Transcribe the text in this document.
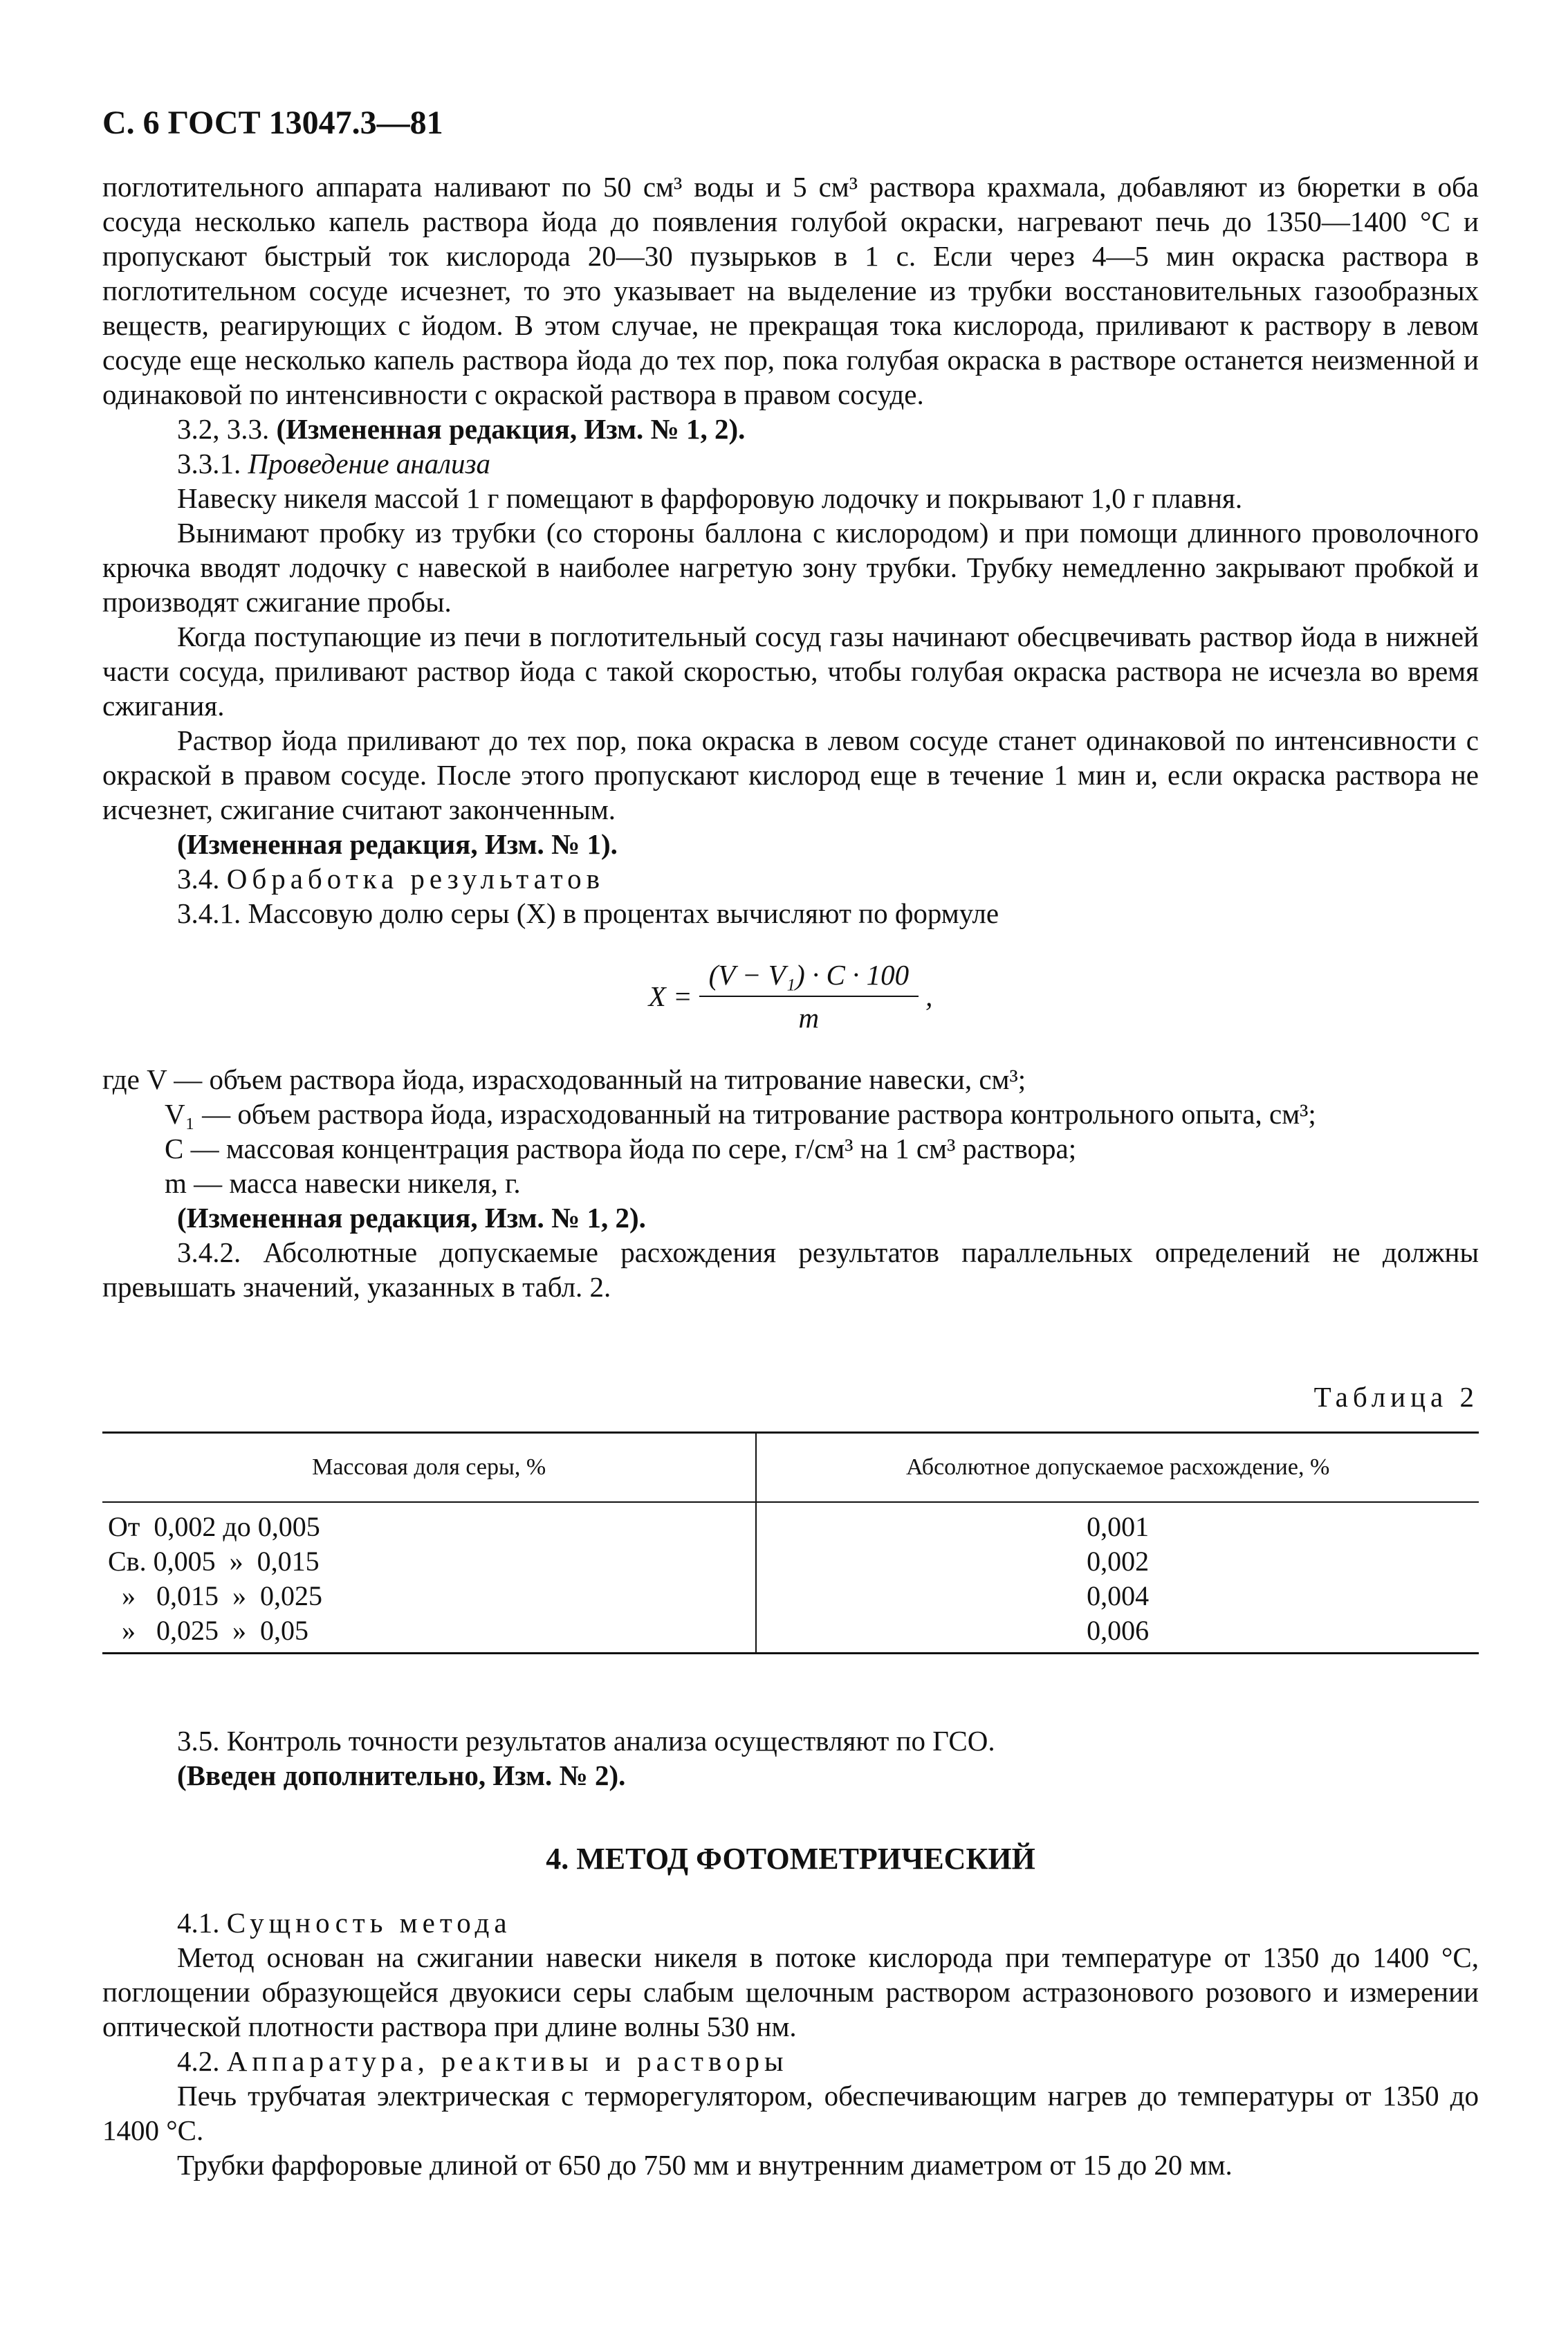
С. 6 ГОСТ 13047.3—81

поглотительного аппарата наливают по 50 см³ воды и 5 см³ раствора крахмала, добавляют из бюретки в оба сосуда несколько капель раствора йода до появления голубой окраски, нагревают печь до 1350—1400 °С и пропускают быстрый ток кислорода 20—30 пузырьков в 1 с. Если через 4—5 мин окраска раствора в поглотительном сосуде исчезнет, то это указывает на выделение из трубки восстановительных газообразных веществ, реагирующих с йодом. В этом случае, не прекращая тока кислорода, приливают к раствору в левом сосуде еще несколько капель раствора йода до тех пор, пока голубая окраска в растворе останется неизменной и одинаковой по интенсивности с окраской раствора в правом сосуде.

3.2, 3.3. (Измененная редакция, Изм. № 1, 2).

3.3.1. Проведение анализа

Навеску никеля массой 1 г помещают в фарфоровую лодочку и покрывают 1,0 г плавня.

Вынимают пробку из трубки (со стороны баллона с кислородом) и при помощи длинного проволочного крючка вводят лодочку с навеской в наиболее нагретую зону трубки. Трубку немедленно закрывают пробкой и производят сжигание пробы.

Когда поступающие из печи в поглотительный сосуд газы начинают обесцвечивать раствор йода в нижней части сосуда, приливают раствор йода с такой скоростью, чтобы голубая окраска раствора не исчезла во время сжигания.

Раствор йода приливают до тех пор, пока окраска в левом сосуде станет одинаковой по интенсивности с окраской в правом сосуде. После этого пропускают кислород еще в течение 1 мин и, если окраска раствора не исчезнет, сжигание считают законченным.

(Измененная редакция, Изм. № 1).

3.4. Обработка результатов

3.4.1. Массовую долю серы (X) в процентах вычисляют по формуле

$X = \frac{\text{(V − V₁) · C · 100}}{m}$ ,

где V — объем раствора йода, израсходованный на титрование навески, см³;

V₁ — объем раствора йода, израсходованный на титрование раствора контрольного опыта, см³;

C — массовая концентрация раствора йода по сере, г/см³ на 1 см³ раствора;

m — масса навески никеля, г.

(Измененная редакция, Изм. № 1, 2).

3.4.2. Абсолютные допускаемые расхождения результатов параллельных определений не должны превышать значений, указанных в табл. 2.

Таблица 2
Массовая доля серы, %	Абсолютное допускаемое расхождение, %
От  0,002 до 0,005	0,001
Св. 0,005  »  0,015	0,002
»   0,015  »  0,025	0,004
»   0,025  »  0,05	0,006

3.5. Контроль точности результатов анализа осуществляют по ГСО.

(Введен дополнительно, Изм. № 2).

4. МЕТОД ФОТОМЕТРИЧЕСКИЙ

4.1. Сущность метода

Метод основан на сжигании навески никеля в потоке кислорода при температуре от 1350 до 1400 °С, поглощении образующейся двуокиси серы слабым щелочным раствором астразонового розового и измерении оптической плотности раствора при длине волны 530 нм.

4.2. Аппаратура, реактивы и растворы

Печь трубчатая электрическая с терморегулятором, обеспечивающим нагрев до температуры от 1350 до 1400 °С.

Трубки фарфоровые длиной от 650 до 750 мм и внутренним диаметром от 15 до 20 мм.
